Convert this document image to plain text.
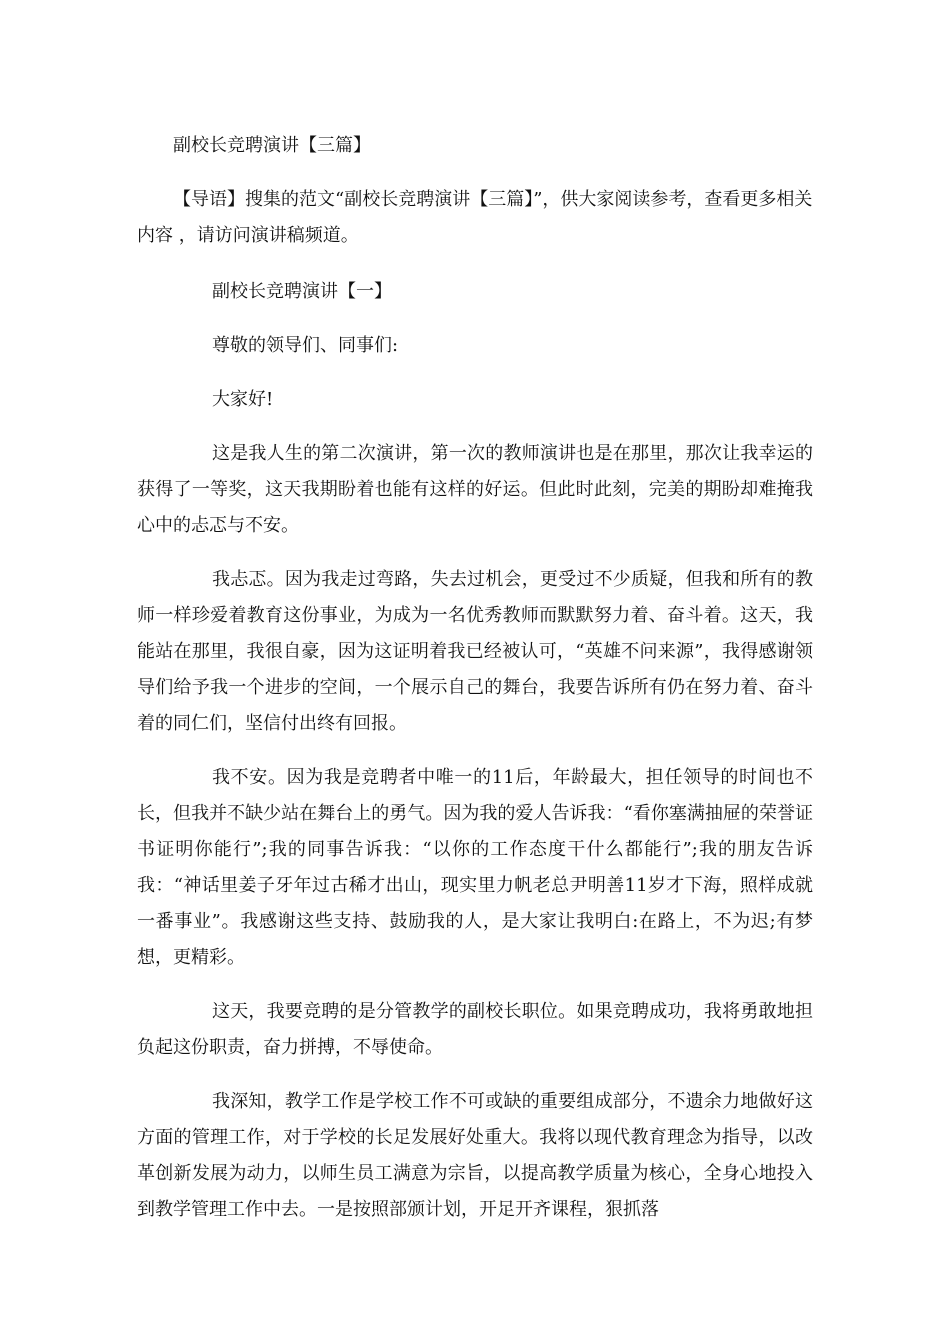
副校长竞聘演讲【三篇】

【导语】搜集的范文“副校长竞聘演讲【三篇】”，供大家阅读参考，查看更多相关内容 ，请访问演讲稿频道。

副校长竞聘演讲【一】

尊敬的领导们、同事们:

大家好!

这是我人生的第二次演讲，第一次的教师演讲也是在那里，那次让我幸运的获得了一等奖，这天我期盼着也能有这样的好运。但此时此刻，完美的期盼却难掩我心中的忐忑与不安。

我忐忑。因为我走过弯路，失去过机会，更受过不少质疑，但我和所有的教师一样珍爱着教育这份事业，为成为一名优秀教师而默默努力着、奋斗着。这天，我能站在那里，我很自豪，因为这证明着我已经被认可，“英雄不问来源”，我得感谢领导们给予我一个进步的空间，一个展示自己的舞台，我要告诉所有仍在努力着、奋斗着的同仁们，坚信付出终有回报。

我不安。因为我是竞聘者中唯一的11后，年龄最大，担任领导的时间也不长，但我并不缺少站在舞台上的勇气。因为我的爱人告诉我：“看你塞满抽屉的荣誉证书证明你能行”;我的同事告诉我：“以你的工作态度干什么都能行”;我的朋友告诉我：“神话里姜子牙年过古稀才出山，现实里力帆老总尹明善11岁才下海，照样成就一番事业”。我感谢这些支持、鼓励我的人，是大家让我明白:在路上，不为迟;有梦想，更精彩。

这天，我要竞聘的是分管教学的副校长职位。如果竞聘成功，我将勇敢地担负起这份职责，奋力拼搏，不辱使命。

我深知，教学工作是学校工作不可或缺的重要组成部分，不遗余力地做好这方面的管理工作，对于学校的长足发展好处重大。我将以现代教育理念为指导，以改革创新发展为动力，以师生员工满意为宗旨，以提高教学质量为核心，全身心地投入到教学管理工作中去。一是按照部颁计划，开足开齐课程，狠抓落
